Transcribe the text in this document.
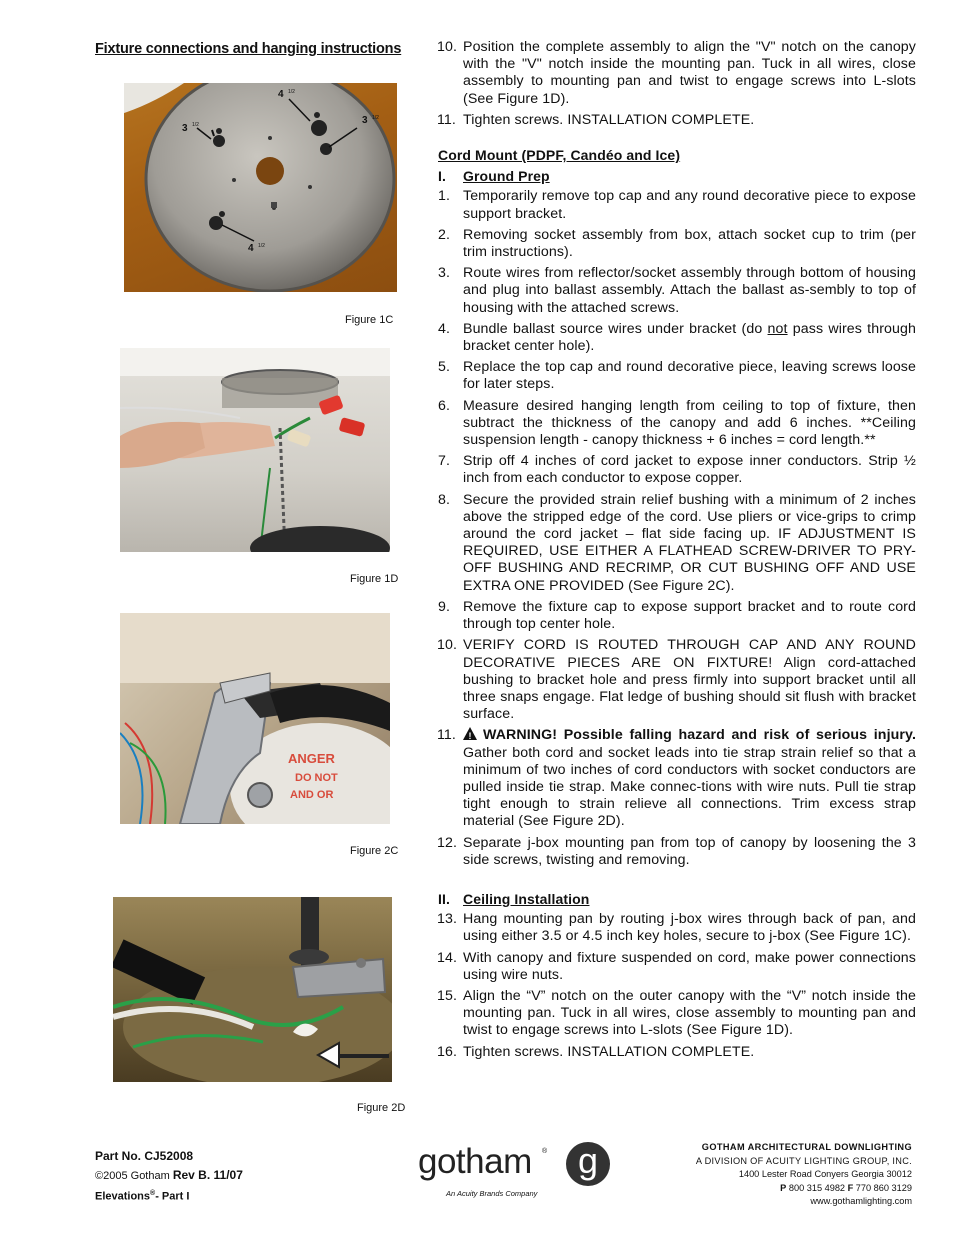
Fixture connections and hanging instructions
4 1/2
3 1/2	3 1/2
4 1/2
Figure 1C
Figure 1D
ANGER
DO NOT
AND OR
Figure 2C
Figure 2D
10. Position the complete assembly to align the "V" notch on the canopy with the "V" notch inside the mounting pan. Tuck in all wires, close assembly to mounting pan and twist to engage screws into L-slots (See Figure 1D).
11. Tighten screws. INSTALLATION COMPLETE.
Cord Mount (PDPF, Candéo and Ice)
I. Ground Prep
1. Temporarily remove top cap and any round decorative piece to expose support bracket.
2. Removing socket assembly from box, attach socket cup to trim (per trim instructions).
3. Route wires from reflector/socket assembly through bottom of housing and plug into ballast assembly. Attach the ballast as-sembly to top of housing with the attached screws.
4. Bundle ballast source wires under bracket (do not pass wires through bracket center hole).
5. Replace the top cap and round decorative piece, leaving screws loose for later steps.
6. Measure desired hanging length from ceiling to top of fixture, then subtract the thickness of the canopy and add 6 inches. **Ceiling suspension length - canopy thickness + 6 inches = cord length.**
7. Strip off 4 inches of cord jacket to expose inner conductors. Strip ½ inch from each conductor to expose copper.
8. Secure the provided strain relief bushing with a minimum of 2 inches above the stripped edge of the cord. Use pliers or vice-grips to crimp around the cord jacket – flat side facing up. IF ADJUSTMENT IS REQUIRED, USE EITHER A FLATHEAD SCREW-DRIVER TO PRY-OFF BUSHING AND RECRIMP, OR CUT BUSHING OFF AND USE EXTRA ONE PROVIDED (See Figure 2C).
9. Remove the fixture cap to expose support bracket and to route cord through top center hole.
10. VERIFY CORD IS ROUTED THROUGH CAP AND ANY ROUND DECORATIVE PIECES ARE ON FIXTURE! Align cord-attached bushing to bracket hole and press firmly into support bracket until all three snaps engage. Flat ledge of bushing should sit flush with bracket surface.
11. ! WARNING! Possible falling hazard and risk of serious injury. Gather both cord and socket leads into tie strap strain relief so that a minimum of two inches of cord conductors with socket conductors are pulled inside tie strap. Make connec-tions with wire nuts. Pull tie strap tight enough to strain relieve all connections. Trim excess strap material (See Figure 2D).
12. Separate j-box mounting pan from top of canopy by loosening the 3 side screws, twisting and removing.
II. Ceiling Installation
13. Hang mounting pan by routing j-box wires through back of pan, and using either 3.5 or 4.5 inch key holes, secure to j-box (See Figure 1C).
14. With canopy and fixture suspended on cord, make power connections using wire nuts.
15. Align the “V” notch on the outer canopy with the “V” notch inside the mounting pan. Tuck in all wires, close assembly to mounting pan and twist to engage screws into L-slots (See Figure 1D).
16. Tighten screws. INSTALLATION COMPLETE.
Part No. CJ52008
©2005 Gotham Rev B. 11/07
Elevations®- Part I
gotham ® g
An Acuity Brands Company
GOTHAM ARCHITECTURAL DOWNLIGHTING
A DIVISION OF ACUITY LIGHTING GROUP, INC.
1400 Lester Road Conyers Georgia 30012
P 800 315 4982 F 770 860 3129
www.gothamlighting.com
